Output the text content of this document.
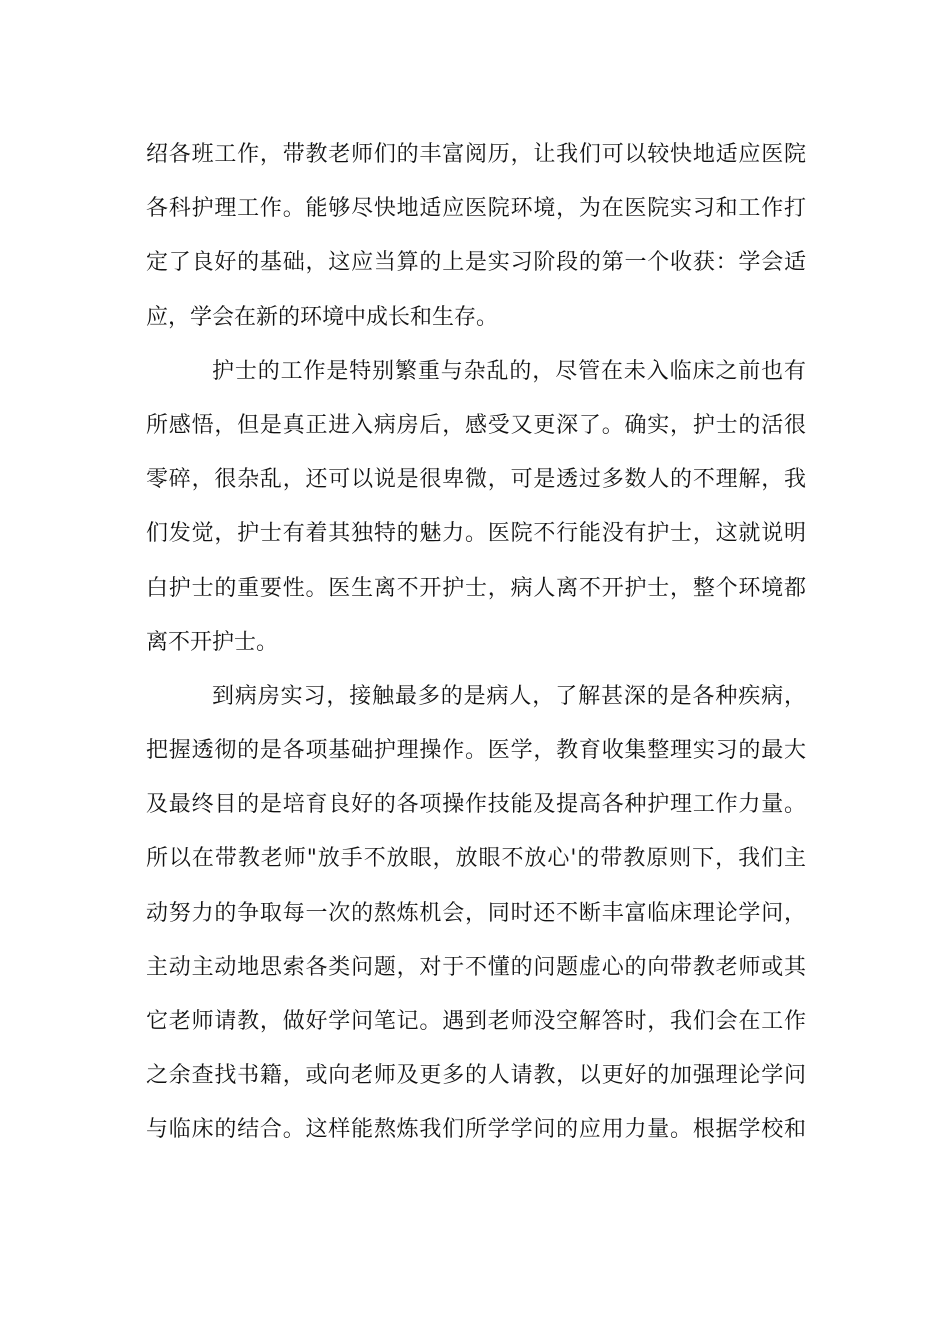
绍各班工作，带教老师们的丰富阅历，让我们可以较快地适应医院
各科护理工作。能够尽快地适应医院环境，为在医院实习和工作打
定了良好的基础，这应当算的上是实习阶段的第一个收获：学会适
应，学会在新的环境中成长和生存。
护士的工作是特别繁重与杂乱的，尽管在未入临床之前也有
所感悟，但是真正进入病房后，感受又更深了。确实，护士的活很
零碎，很杂乱，还可以说是很卑微，可是透过多数人的不理解，我
们发觉，护士有着其独特的魅力。医院不行能没有护士，这就说明
白护士的重要性。医生离不开护士，病人离不开护士，整个环境都
离不开护士。
到病房实习，接触最多的是病人，了解甚深的是各种疾病，
把握透彻的是各项基础护理操作。医学，教育收集整理实习的最大
及最终目的是培育良好的各项操作技能及提高各种护理工作力量。
所以在带教老师"放手不放眼，放眼不放心'的带教原则下，我们主
动努力的争取每一次的熬炼机会，同时还不断丰富临床理论学问，
主动主动地思索各类问题，对于不懂的问题虚心的向带教老师或其
它老师请教，做好学问笔记。遇到老师没空解答时，我们会在工作
之余查找书籍，或向老师及更多的人请教，以更好的加强理论学问
与临床的结合。这样能熬炼我们所学学问的应用力量。根据学校和
